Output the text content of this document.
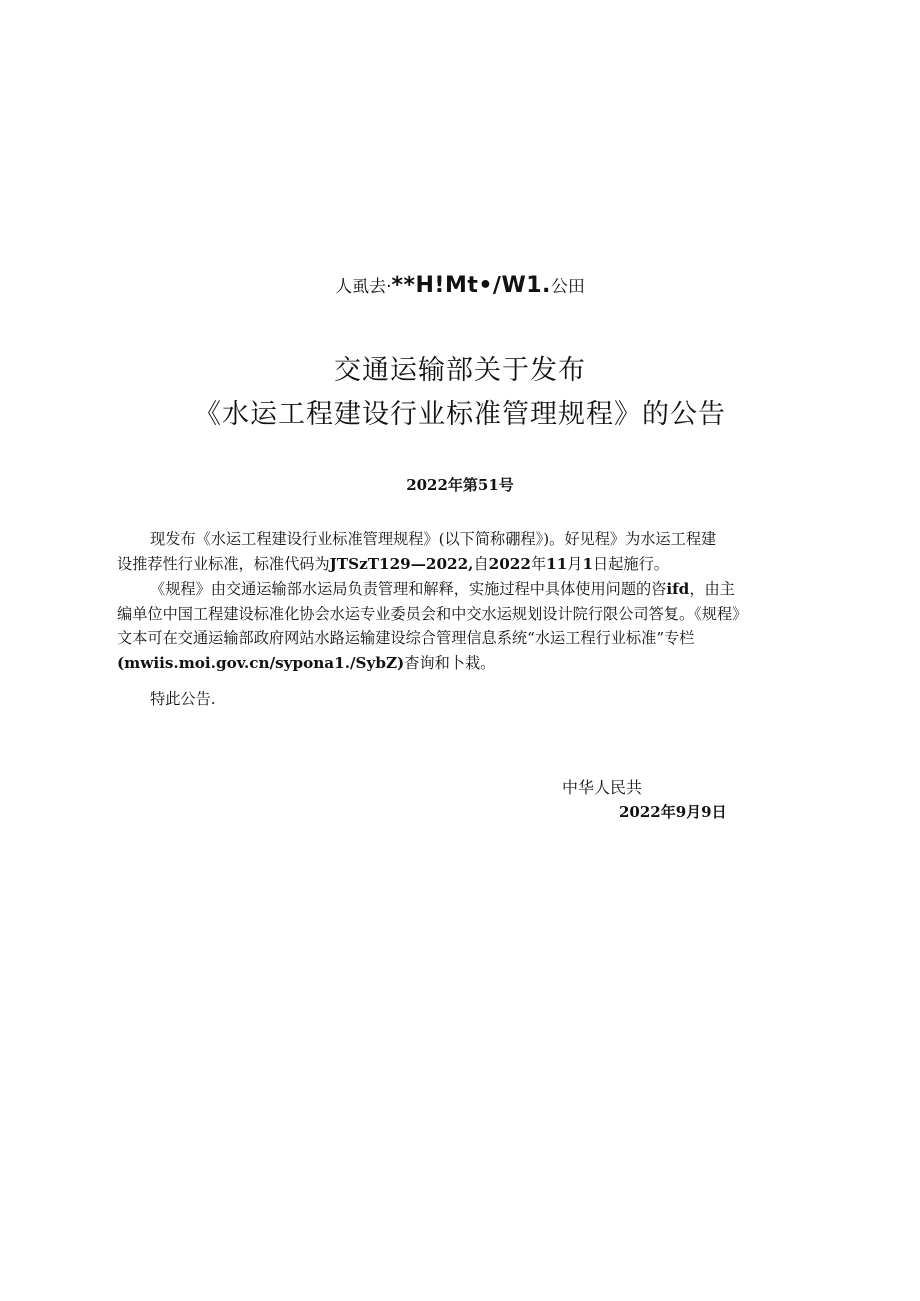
人虱去·**H!Mt•∕W1.公田
交通运输部关于发布
《水运工程建设行业标准管理规程》的公告
2022年第51号
现发布《水运工程建设行业标准管理规程》(以下简称硼程》)。好见程》为水运工程建
设推荐性行业标准，标准代码为JTSzT129—2022,自2022年11月1日起施行。
《规程》由交通运输部水运局负责管理和解释，实施过程中具体使用问题的咨ifd，由主
编单位中国工程建设标准化协会水运专业委员会和中交水运规划设计院行限公司答复。《规程》
文本可在交通运输部政府网站水路运输建设综合管理信息系统“水运工程行业标准”专栏
(mwiis.moi.gov.cn∕sypona1./SybZ)杳询和卜栽。
特此公告.
中华人民共
2022年9月9日
